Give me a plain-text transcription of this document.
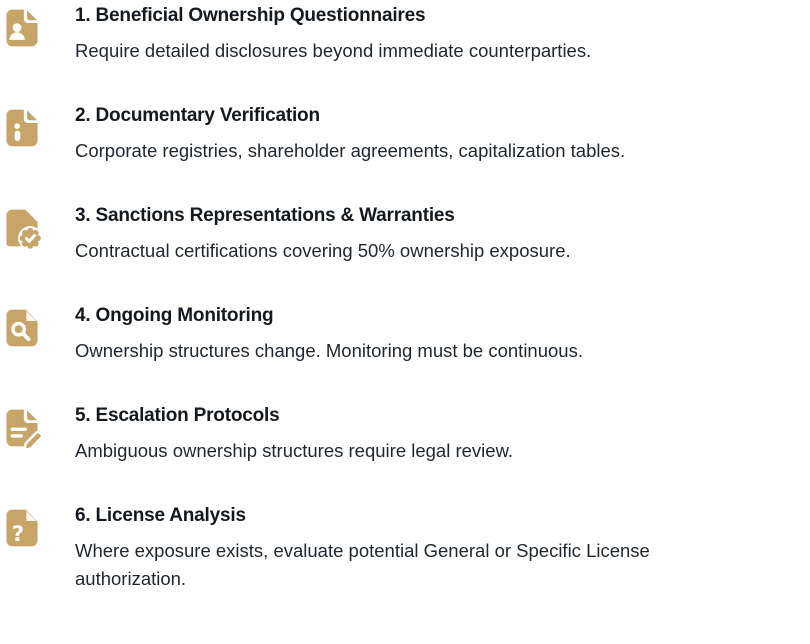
1. Beneficial Ownership Questionnaires
Require detailed disclosures beyond immediate counterparties.
2. Documentary Verification
Corporate registries, shareholder agreements, capitalization tables.
3. Sanctions Representations & Warranties
Contractual certifications covering 50% ownership exposure.
4. Ongoing Monitoring
Ownership structures change. Monitoring must be continuous.
5. Escalation Protocols
Ambiguous ownership structures require legal review.
?
6. License Analysis
Where exposure exists, evaluate potential General or Specific License authorization.
